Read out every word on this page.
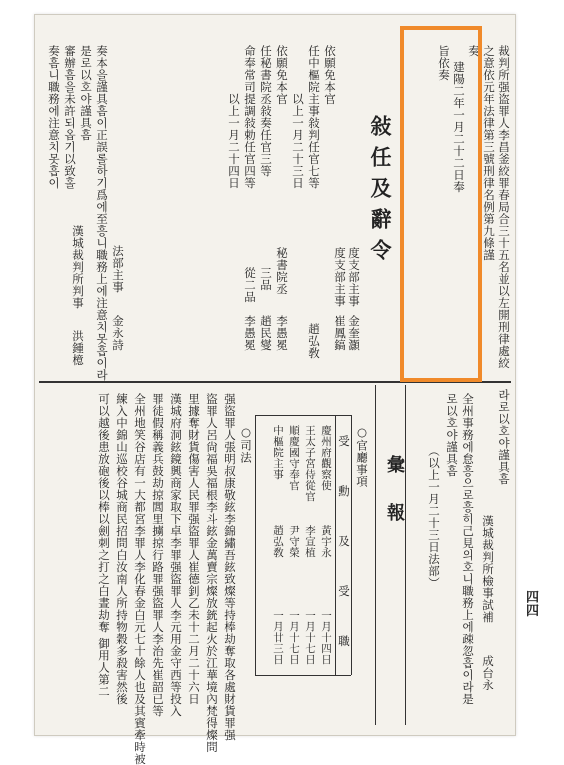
裁判所强盗罪人李昌釜絞罪春局合三十五名並以左開刑律處絞
之意依元年法律第三號刑律名例第九條謹
奏
建陽二年一月二十二日奉
旨依奏
敍任及辭令
依願免本官
任中樞院主事敍判任官七等
以上一月二十三日
依願免本官
任秘書院丞敍奏任官三等
命奉常司提調敍勅任官四等
以上一月二十四日
度支部主事
金奎灝
度支部主事
崔鳳鎬
趙弘敎
秘書院丞
李愚冕
三品
趙民燮
從二品
李愚冕
奏本을謹具흠이正誤롤하기爲에至흥니職務上에注意치못흡이라
是로以호야謹具흠
審辦흠을未許되옵기以致홀
奏흠니職務에注意치못흡이
漢城裁判所判事
洪鍾檍
法部主事
金永詩
라로以호야謹具흠
漢城裁判所檢事試補
成台永
全州事務에怠흥으로흥히己見의호니職務上에疎忽흡이라是
로以호야謹具흠
（以上一月二十三日法部）
彙報
○官廳事項
受
勳
及
受
職
慶州府觀察使
黃宇永
一月十四日
王太子宮侍從官
李宣植
一月十七日
順慶國守奉官
尹守榮
一月十七日
中樞院主事
趙弘敎
一月廿三日
○司法
强盜罪人張明叔康敬鉉李錦繡吾鉉致燦等持棒劫奪取各處財貨罪强
盜罪人呂尙福吳福根李斗鉉金萬賣宗燦放銃起火於江華境內梵得燦問
里據奪財貨傷害人民罪强盜罪人崔德釗乙未十二月二十六日
漢城府洞鉉鏡興商家取下卓李罪强盜罪人李元用金守西等投入
罪徒假稱義兵鼓劫掠閭里擄掠行路罪强盜罪人李治先崔韶已等
全州地笑谷店有一大都宮李罪人李化春金白元七十餘人也及其賓牽時被
練入中錦山巡校谷城商民招問白汝南人所持物穀多殺害然後
可以越後患放砲後以棒以劍刺之打之白晝劫奪 御用人第二	四四
